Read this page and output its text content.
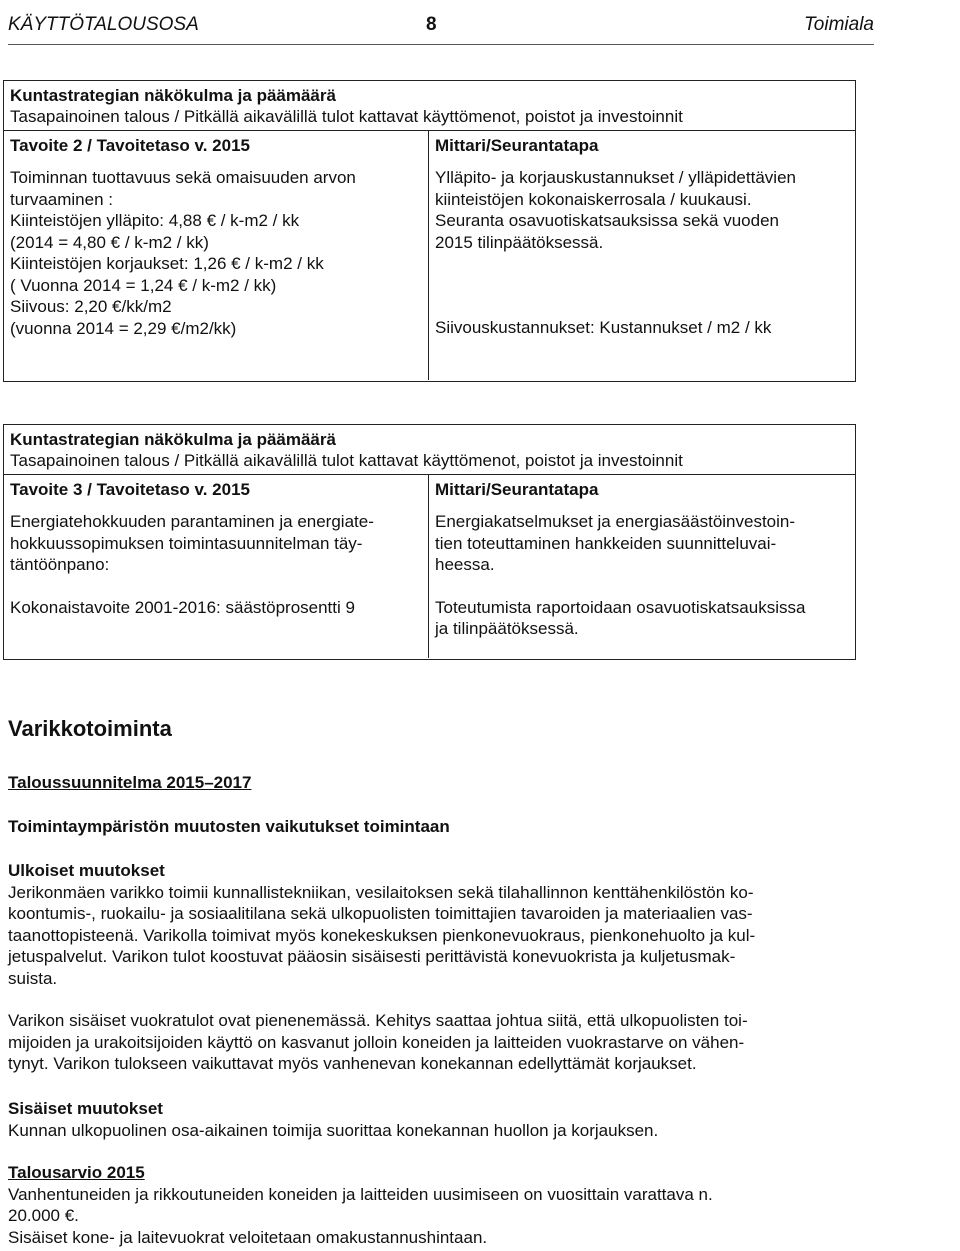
KÄYTTÖTALOUSOSA	8	Toimiala
Kuntastrategian näkökulma ja päämäärä
Tasapainoinen talous / Pitkällä aikavälillä tulot kattavat käyttömenot, poistot ja investoinnit
Tavoite 2 / Tavoitetaso v. 2015

Toiminnan tuottavuus sekä omaisuuden arvon

turvaaminen :

Kiinteistöjen ylläpito: 4,88 € / k-m2 / kk

(2014 = 4,80 € / k-m2 / kk)

Kiinteistöjen korjaukset: 1,26 € / k-m2 / kk

( Vuonna 2014 = 1,24 € / k-m2 / kk)

Siivous: 2,20 €/kk/m2

(vuonna 2014 = 2,29 €/m2/kk)

Mittari/Seurantatapa

Ylläpito- ja korjauskustannukset / ylläpidettävien

kiinteistöjen kokonaiskerrosala / kuukausi.

Seuranta osavuotiskatsauksissa sekä vuoden

2015 tilinpäätöksessä.

Siivouskustannukset: Kustannukset / m2 / kk

Kuntastrategian näkökulma ja päämäärä
Tasapainoinen talous / Pitkällä aikavälillä tulot kattavat käyttömenot, poistot ja investoinnit
Tavoite 3 / Tavoitetaso v. 2015

Energiatehokkuuden parantaminen ja energiate-

hokkuussopimuksen toimintasuunnitelman täy-

täntöönpano:

Kokonaistavoite 2001-2016: säästöprosentti 9

Mittari/Seurantatapa

Energiakatselmukset ja energiasäästöinvestoin-

tien toteuttaminen hankkeiden suunnitteluvai-

heessa.

Toteutumista raportoidaan osavuotiskatsauksissa

ja tilinpäätöksessä.

Varikkotoiminta

Taloussuunnitelma 2015–2017

Toimintaympäristön muutosten vaikutukset toimintaan

Ulkoiset muutokset

Jerikonmäen varikko toimii kunnallistekniikan, vesilaitoksen sekä tilahallinnon kenttähenkilöstön ko-

koontumis-, ruokailu- ja sosiaalitilana sekä ulkopuolisten toimittajien tavaroiden ja materiaalien vas-

taanottopisteenä. Varikolla toimivat myös konekeskuksen pienkonevuokraus, pienkonehuolto ja kul-

jetuspalvelut. Varikon tulot koostuvat pääosin sisäisesti perittävistä konevuokrista ja kuljetusmak-

suista.

Varikon sisäiset vuokratulot ovat pienenemässä. Kehitys saattaa johtua siitä, että ulkopuolisten toi-

mijoiden ja urakoitsijoiden käyttö on kasvanut jolloin koneiden ja laitteiden vuokrastarve on vähen-

tynyt. Varikon tulokseen vaikuttavat myös vanhenevan konekannan edellyttämät korjaukset.

Sisäiset muutokset

Kunnan ulkopuolinen osa-aikainen toimija suorittaa konekannan huollon ja korjauksen.

Talousarvio 2015

Vanhentuneiden ja rikkoutuneiden koneiden ja laitteiden uusimiseen on vuosittain varattava n.

20.000 €.

Sisäiset kone- ja laitevuokrat veloitetaan omakustannushintaan.
